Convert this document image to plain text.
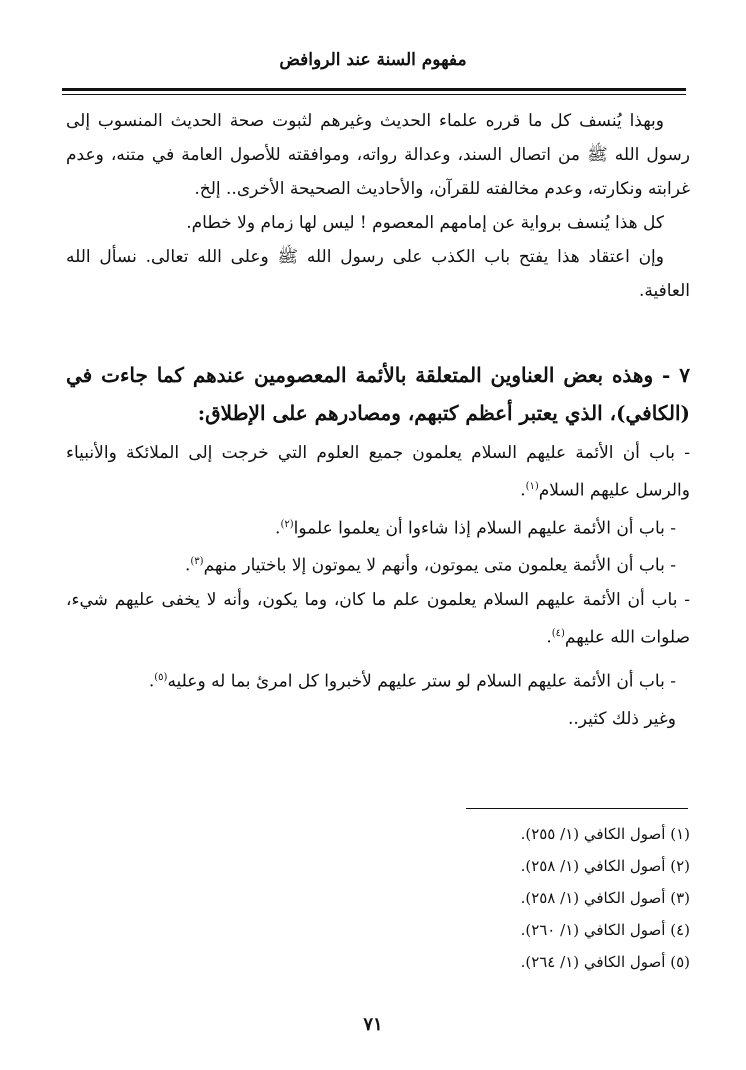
مفهوم السنة عند الروافض

وبهذا يُنسف كل ما قرره علماء الحديث وغيرهم لثبوت صحة الحديث المنسوب إلى رسول الله ﷺ من اتصال السند، وعدالة رواته، وموافقته للأصول العامة في متنه، وعدم غرابته ونكارته، وعدم مخالفته للقرآن، والأحاديث الصحيحة الأخرى.. إلخ.

كل هذا يُنسف برواية عن إمامهم المعصوم ! ليس لها زمام ولا خطام.

وإن اعتقاد هذا يفتح باب الكذب على رسول الله ﷺ وعلى الله تعالى. نسأل الله العافية.

٧ - وهذه بعض العناوين المتعلقة بالأئمة المعصومين عندهم كما جاءت في (الكافي)، الذي يعتبر أعظم كتبهم، ومصادرهم على الإطلاق:

- باب أن الأئمة عليهم السلام يعلمون جميع العلوم التي خرجت إلى الملائكة والأنبياء والرسل عليهم السلام$^{(١)}$.

- باب أن الأئمة عليهم السلام إذا شاءوا أن يعلموا علموا$^{(٢)}$.

- باب أن الأئمة يعلمون متى يموتون، وأنهم لا يموتون إلا باختيار منهم$^{(٣)}$.

- باب أن الأئمة عليهم السلام يعلمون علم ما كان، وما يكون، وأنه لا يخفى عليهم شيء، صلوات الله عليهم$^{(٤)}$.

- باب أن الأئمة عليهم السلام لو ستر عليهم لأخبروا كل امرئ بما له وعليه$^{(٥)}$.

وغير ذلك كثير..

(١) أصول الكافي (١/ ٢٥٥).

(٢) أصول الكافي (١/ ٢٥٨).

(٣) أصول الكافي (١/ ٢٥٨).

(٤) أصول الكافي (١/ ٢٦٠).

(٥) أصول الكافي (١/ ٢٦٤).

٧١
